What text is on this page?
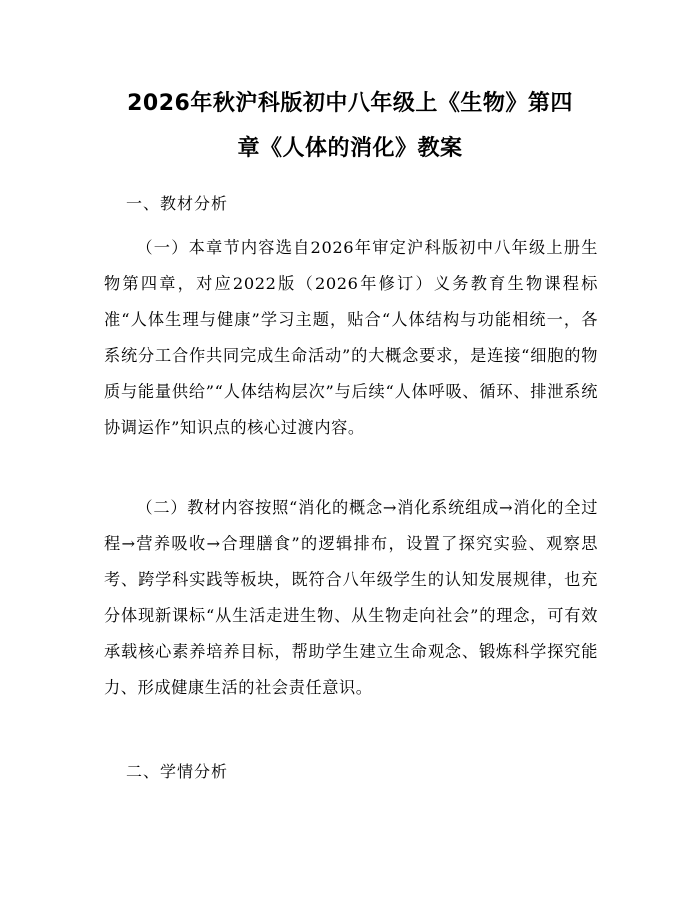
2026年秋沪科版初中八年级上《生物》第四
章《人体的消化》教案
一、教材分析

（一）本章节内容选自2026年审定沪科版初中八年级上册生物第四章，对应2022版（2026年修订）义务教育生物课程标准“人体生理与健康”学习主题，贴合“人体结构与功能相统一，各系统分工合作共同完成生命活动”的大概念要求，是连接“细胞的物质与能量供给”“人体结构层次”与后续“人体呼吸、循环、排泄系统协调运作”知识点的核心过渡内容。

（二）教材内容按照“消化的概念→消化系统组成→消化的全过程→营养吸收→合理膳食”的逻辑排布，设置了探究实验、观察思考、跨学科实践等板块，既符合八年级学生的认知发展规律，也充分体现新课标“从生活走进生物、从生物走向社会”的理念，可有效承载核心素养培养目标，帮助学生建立生命观念、锻炼科学探究能力、形成健康生活的社会责任意识。

二、学情分析
